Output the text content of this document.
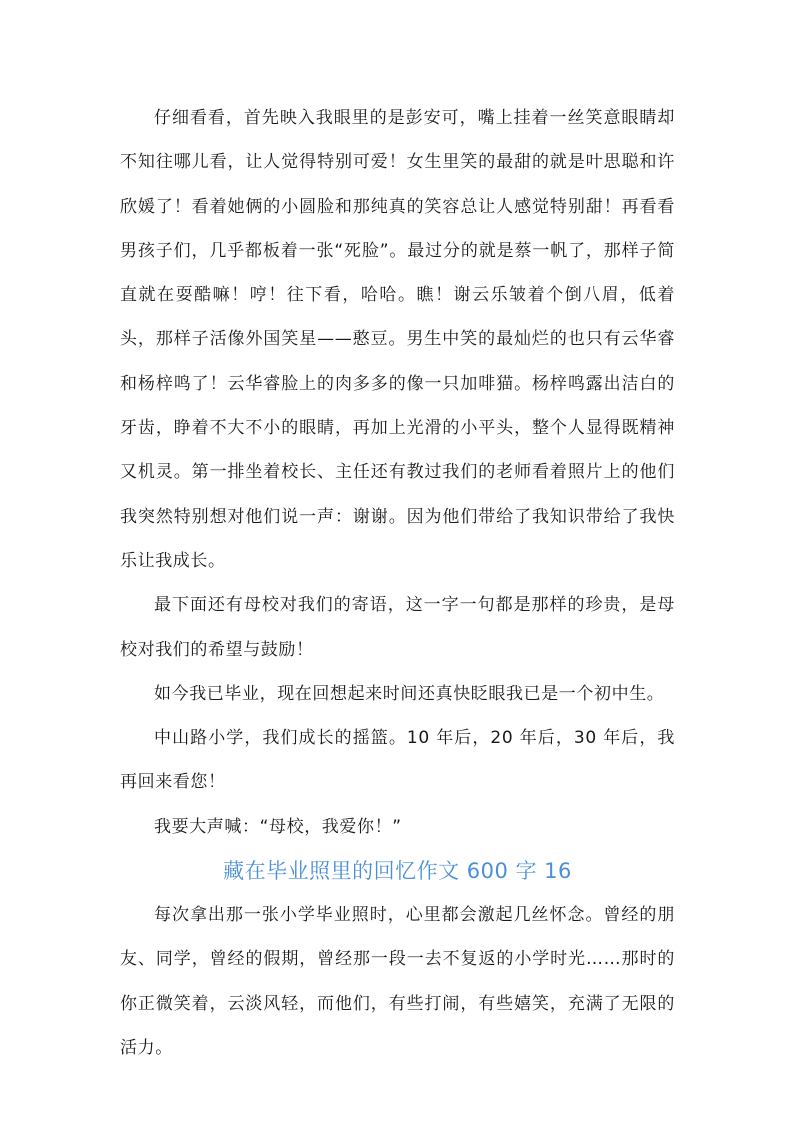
仔细看看，首先映入我眼里的是彭安可，嘴上挂着一丝笑意眼睛却不知往哪儿看，让人觉得特别可爱！女生里笑的最甜的就是叶思聪和许欣媛了！看着她俩的小圆脸和那纯真的笑容总让人感觉特别甜！再看看男孩子们，几乎都板着一张“死脸”。最过分的就是蔡一帆了，那样子简直就在耍酷嘛！哼！往下看，哈哈。瞧！谢云乐皱着个倒八眉，低着头，那样子活像外国笑星——憨豆。男生中笑的最灿烂的也只有云华睿和杨梓鸣了！云华睿脸上的肉多多的像一只加啡猫。杨梓鸣露出洁白的牙齿，睁着不大不小的眼睛，再加上光滑的小平头，整个人显得既精神又机灵。第一排坐着校长、主任还有教过我们的老师看着照片上的他们我突然特别想对他们说一声：谢谢。因为他们带给了我知识带给了我快乐让我成长。

最下面还有母校对我们的寄语，这一字一句都是那样的珍贵，是母校对我们的希望与鼓励！

如今我已毕业，现在回想起来时间还真快眨眼我已是一个初中生。

中山路小学，我们成长的摇篮。10 年后，20 年后，30 年后，我再回来看您！

我要大声喊：“母校，我爱你！”

藏在毕业照里的回忆作文 600 字 16

每次拿出那一张小学毕业照时，心里都会激起几丝怀念。曾经的朋友、同学，曾经的假期，曾经那一段一去不复返的小学时光……那时的你正微笑着，云淡风轻，而他们，有些打闹，有些嬉笑，充满了无限的活力。
